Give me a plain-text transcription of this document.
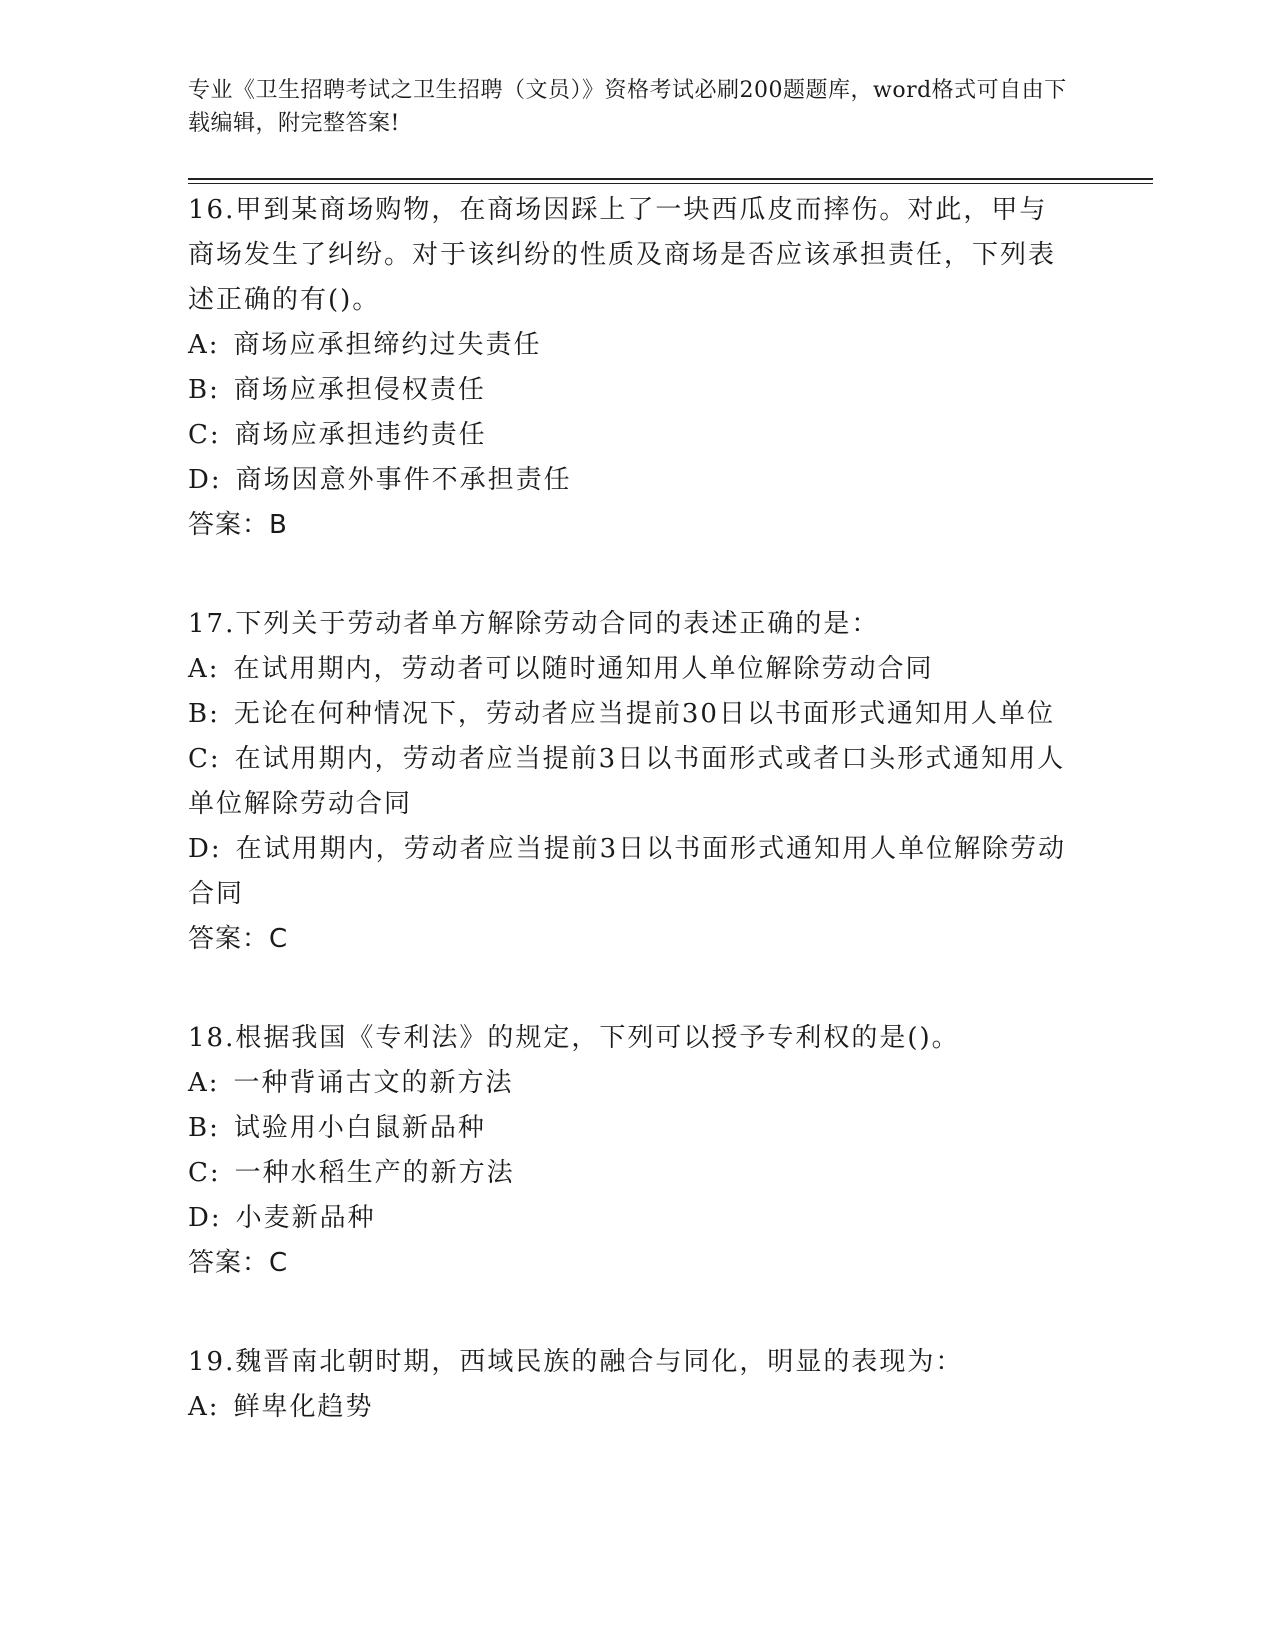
专业《卫生招聘考试之卫生招聘（文员）》资格考试必刷200题题库，word格式可自由下载编辑，附完整答案!
16.甲到某商场购物，在商场因踩上了一块西瓜皮而摔伤。对此，甲与商场发生了纠纷。对于该纠纷的性质及商场是否应该承担责任，下列表述正确的有()。
A: 商场应承担缔约过失责任
B: 商场应承担侵权责任
C: 商场应承担违约责任
D: 商场因意外事件不承担责任
答案：B
17.下列关于劳动者单方解除劳动合同的表述正确的是：
A: 在试用期内，劳动者可以随时通知用人单位解除劳动合同
B: 无论在何种情况下，劳动者应当提前30日以书面形式通知用人单位
C: 在试用期内，劳动者应当提前3日以书面形式或者口头形式通知用人单位解除劳动合同
D: 在试用期内，劳动者应当提前3日以书面形式通知用人单位解除劳动合同
答案：C
18.根据我国《专利法》的规定，下列可以授予专利权的是()。
A: 一种背诵古文的新方法
B: 试验用小白鼠新品种
C: 一种水稻生产的新方法
D: 小麦新品种
答案：C
19.魏晋南北朝时期，西域民族的融合与同化，明显的表现为：
A: 鲜卑化趋势
